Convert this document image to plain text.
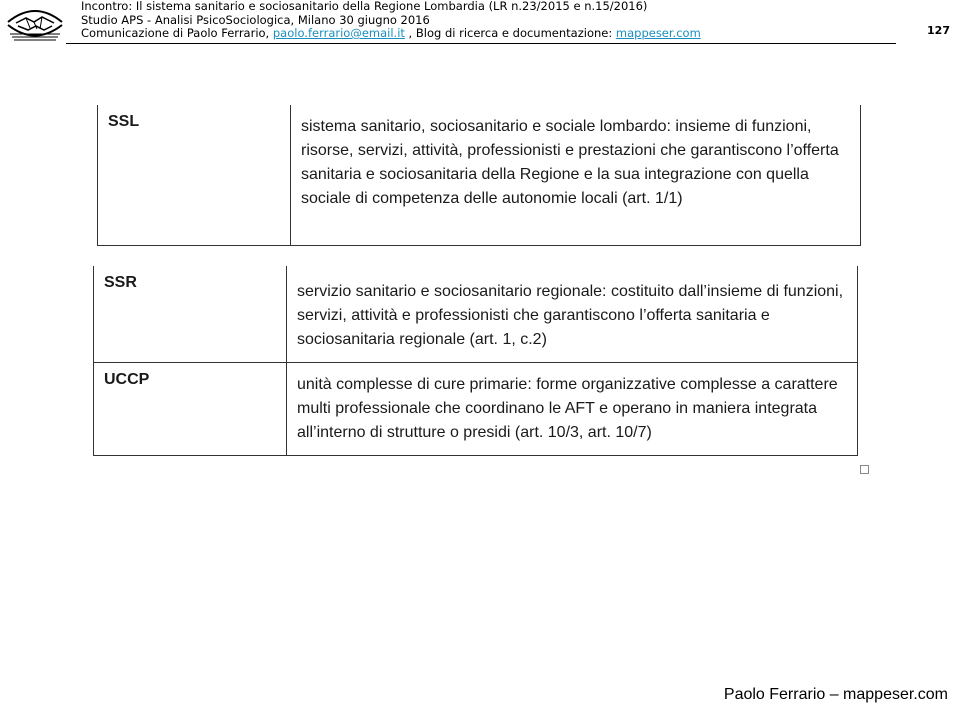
Incontro: Il sistema sanitario e sociosanitario della Regione Lombardia (LR n.23/2015 e n.15/2016)
Studio APS - Analisi PsicoSociologica, Milano 30 giugno 2016
Comunicazione di Paolo Ferrario, paolo.ferrario@email.it , Blog di ricerca e documentazione: mappeser.com	127
SSL	sistema sanitario, sociosanitario e sociale lombardo: insieme di funzioni, risorse, servizi, attività, professionisti e prestazioni che garantiscono l’offerta sanitaria e sociosanitaria della Regione e la sua integrazione con quella sociale di competenza delle autonomie locali (art. 1/1)
SSR	servizio sanitario e sociosanitario regionale: costituito dall’insieme di funzioni, servizi, attività e professionisti che garantiscono l’offerta sanitaria e sociosanitaria regionale (art. 1, c.2)
UCCP	unità complesse di cure primarie: forme organizzative complesse a carattere multi professionale che coordinano le AFT e operano in maniera integrata all’interno di strutture o presidi (art. 10/3, art. 10/7)
Paolo Ferrario – mappeser.com
